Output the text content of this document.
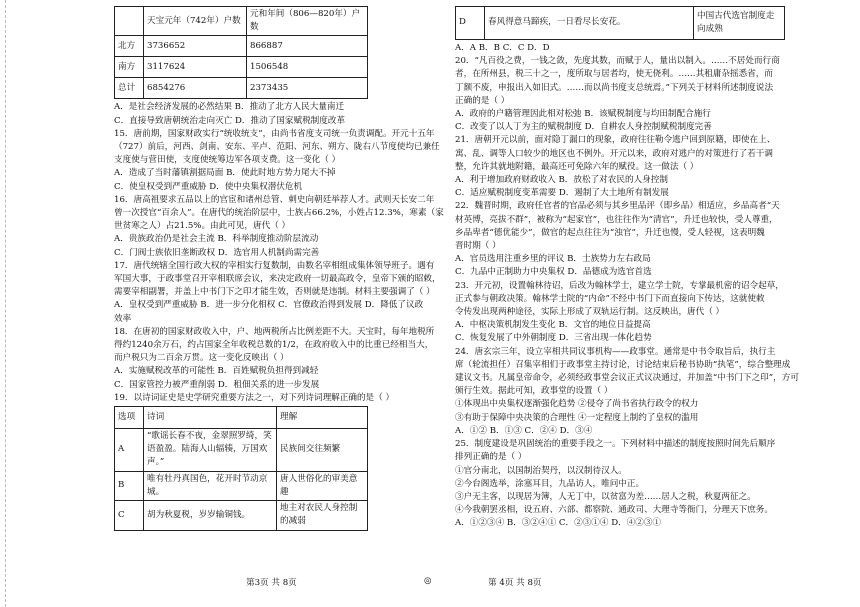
	天宝元年（742年）户数	元和年间（806—820年）户数
北方	3736652	866887
南方	3117624	1506548
总计	6854276	2373435
A．是社会经济发展的必然结果 B．推动了北方人民大量南迁
C．直接导致唐朝统治走向灭亡 D．推动了国家赋税制度改革
15．唐前期，国家财政实行“统收统支”，由尚书省度支司统一负责调配。开元十五年
（727）前后，河西、剑南、安东、平卢、范阳、河东、朔方、陇右八节度使均已兼任
支度使与营田使，支度使统筹边军各项支费。这一变化（ ）
A．造成了当时藩镇割据局面 B．使此时地方势力尾大不掉
C．使皇权受到严重威胁 D．使中央集权潜伏危机
16．唐高祖要求五品以上的官宦和诸州总管、刺史向朝廷举荐人才。武则天长安二年
曾一次授官“百余人”。在唐代的统治阶层中，士族占66.2%，小姓占12.3%，寒素（家
世贫寒之人）占21.5%。由此可见，唐代（ ）
A．贵族政治仍是社会主流 B．科举制度推动阶层流动
C．门阀士族依旧垄断政权 D．选官用人机制尚需完善
17．唐代统辖全国行政大权的宰相实行复数制，由数名宰相组成集体领导班子。遇有
军国大事，于政事堂召开宰相联席会议，来决定政府一切最高政令，皇帝下颁的昭敕，
需要宰相副署，并盖上中书门下之印才能生效，否则就是违制。材料主要强调了（ ）
A．皇权受到严重威胁 B．进一步分化相权 C．官僚政治得到发展 D．降低了议政
效率
18．在唐初的国家财政收入中，户、地两税所占比例差距不大。天宝时，每年地税所
得约1240余万石，约占国家全年收税总数的1/2，在政府收入中的比重已经相当大，
而户税只为二百余万贯。这一变化反映出（ ）
A．实施赋税改革的可能性 B．百姓赋税负担得到减轻
C．国家管控力被严重削弱 D．租佃关系的进一步发展
19．以诗词证史是史学研究重要方法之一，对下列诗词理解正确的是（ ）
选项	诗词	理解
A	“歌谣长春不夜，金翠照罗绮，笑语盈盈。陆海人山辐辏，万国欢声。”	民族间交往频繁
B	唯有牡丹真国色，花开时节动京城。	唐人世俗化的审美意趣
C	胡为秋夏税，岁岁输铜钱。	地主对农民人身控制的减弱
D	春风得意马蹄疾，一日看尽长安花。	中国古代选官制度走向成熟
A．A B．B C．C D．D
20．“凡百役之费，一钱之敛，先度其数，而赋于人，量出以制入。……不居处而行商
者，在所州县，税三十之一，度所取与居者均，使无侥利。……其租庸杂摇悉省，而
丁额不废，申报出入如旧式。……而以尚书度支总统焉。”下列关于材料所述制度说法
正确的是（ ）
A．政府的户籍管理因此相对松弛 B．该赋税制度与均田制配合施行
C．改变了以人丁为主的赋税制度 D．自耕农人身控制赋税制度完善
21．唐朝开元以前，面对隐丁漏口的现象，政府往往勒令逃户回到原籍，即使在上、
寓、乱、调等人口较少的地区也不例外。开元以来，政府对逃户的对策进行了若干调
整，允许其就地附籍，最高还可免除六年的赋役。这一做法（ ）
A．利于增加政府财政收入 B．放松了对农民的人身控制
C．适应赋税制度变革需要 D．遏制了大土地所有制发展
22．魏晋时期，政府任官者的官品必须与其乡里品评（即乡品）相适应，乡品高者“天
材英博，亮拔不群”，被称为“起家官”，也往往作为“清官”，升迁也较快，受人尊重，
乡品卑者“德优能少”，做官的起点往往为“浊官”，升迁也慢，受人轻视，这表明魏
晋时期（ ）
A．官员选用注重乡里的评议 B．士族势力左右政局
C．九品中正制助力中央集权 D．品德成为选官首选
23．开元初，设置翰林待诏，后改为翰林学士，建立学士院，专掌最机密的诏令起草，
正式参与朝政决策。翰林学士院的“内命”不经中书门下而直接向下传达，这就使敕
令传发出现两种途径，实际上形成了双轨运行制。这反映出，唐代（ ）
A．中枢决策机制发生变化 B．文官的地位日益提高
C．恢复发展了中外朝制度 D．三省出现一体化趋势
24．唐玄宗三年，设立宰相共同议事机构——政事堂。通常是中书令取旨后，执行主
席（轮流担任）召集宰相们于政事堂主持讨论，讨论结束后秘书协助“执笔”，综合整理成
建议文书。凡属皇帝命令，必须经政事堂会议正式议决通过，并加盖“中书门下之印”，方可
颁行生效。据此可知，政事堂的设置（ ）
①体现出中央集权逐渐强化趋势 ②侵夺了尚书省执行政令的权力
③有助于保障中央决策的合理性 ④一定程度上制约了皇权的滥用
A．①② B．①③ C．②④ D．③④
25．制度建设是巩固统治的重要手段之一。下列材料中描述的制度按照时间先后顺序
排列正确的是（ ）
①官分南北，以国制治契丹，以汉制待汉人。
②今台阁选举，涂塞耳目，九品访人，唯问中正。
③户无主客，以现居为簿，人无丁中，以贫富为差……居人之税，秋夏两征之。
④今我朝罢丞相，设五府、六部、都察院、通政司、大理寺等衙门，分理天下庶务。
A．①②③④ B．③②④① C．②③①④ D．④②③①
第3页 共 8页	◎	第 4页 共 8页
